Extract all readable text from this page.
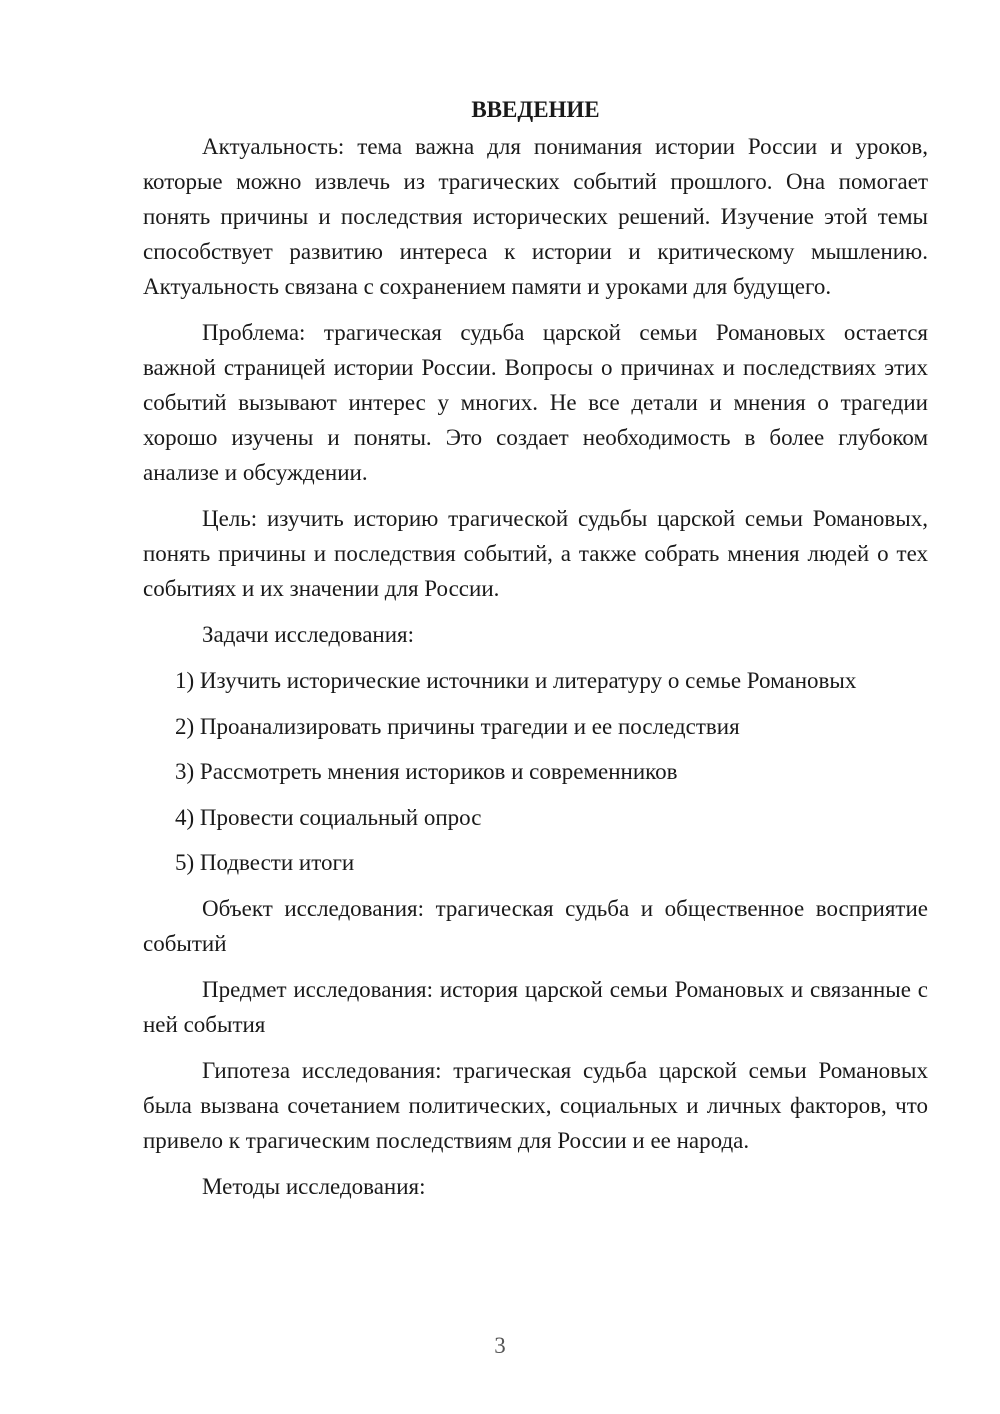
ВВЕДЕНИЕ

Актуальность: тема важна для понимания истории России и уроков, которые можно извлечь из трагических событий прошлого. Она помогает понять причины и последствия исторических решений. Изучение этой темы способствует развитию интереса к истории и критическому мышлению. Актуальность связана с сохранением памяти и уроками для будущего.

Проблема: трагическая судьба царской семьи Романовых остается важной страницей истории России. Вопросы о причинах и последствиях этих событий вызывают интерес у многих. Не все детали и мнения о трагедии хорошо изучены и поняты. Это создает необходимость в более глубоком анализе и обсуждении.

Цель: изучить историю трагической судьбы царской семьи Романовых, понять причины и последствия событий, а также собрать мнения людей о тех событиях и их значении для России.

Задачи исследования:
1) Изучить исторические источники и литературу о семье Романовых
2) Проанализировать причины трагедии и ее последствия
3) Рассмотреть мнения историков и современников
4) Провести социальный опрос
5) Подвести итоги

Объект исследования: трагическая судьба и общественное восприятие событий

Предмет исследования: история царской семьи Романовых и связанные с ней события

Гипотеза исследования: трагическая судьба царской семьи Романовых была вызвана сочетанием политических, социальных и личных факторов, что привело к трагическим последствиям для России и ее народа.

Методы исследования:

3
